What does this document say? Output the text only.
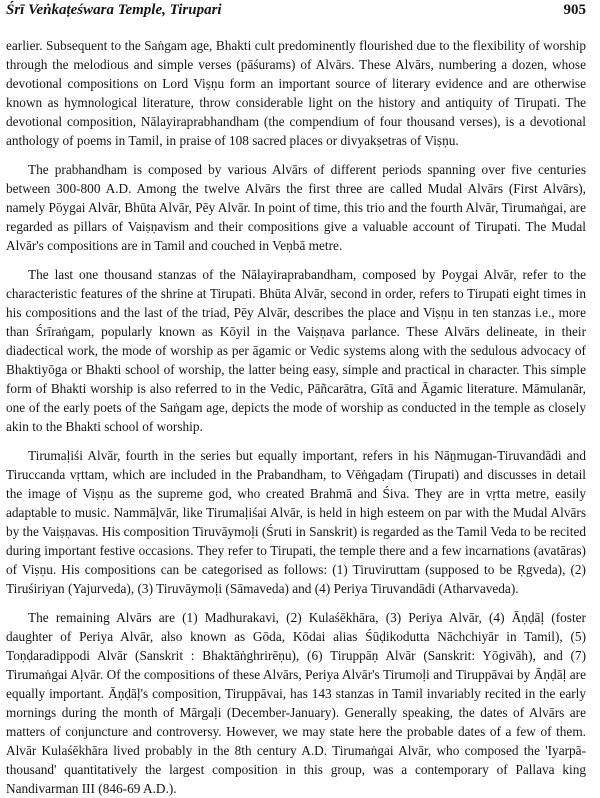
Śrī Veṅkaṭeśwara Temple, Tirupari	905

earlier. Subsequent to the Saṅgam age, Bhakti cult predominently flourished due to the flexibility of worship through the melodious and simple verses (pāśurams) of Alvārs. These Alvārs, numbering a dozen, whose devotional compositions on Lord Viṣṇu form an important source of literary evidence and are otherwise known as hymnological literature, throw considerable light on the history and antiquity of Tirupati. The devotional composition, Nālayiraprabhandham (the compendium of four thousand verses), is a devotional anthology of poems in Tamil, in praise of 108 sacred places or divyakṣetras of Viṣṇu.

The prabhandham is composed by various Alvārs of different periods spanning over five centuries between 300-800 A.D. Among the twelve Alvārs the first three are called Mudal Alvārs (First Alvārs), namely Pōygai Alvār, Bhūta Alvār, Pēy Alvār. In point of time, this trio and the fourth Alvār, Tirumaṅgai, are regarded as pillars of Vaiṣṇavism and their compositions give a valuable account of Tirupati. The Mudal Alvār's compositions are in Tamil and couched in Veṇbā metre.

The last one thousand stanzas of the Nālayiraprabandham, composed by Poygai Alvār, refer to the characteristic features of the shrine at Tirupati. Bhūta Alvār, second in order, refers to Tirupati eight times in his compositions and the last of the triad, Pēy Alvār, describes the place and Viṣṇu in ten stanzas i.e., more than Śrīraṅgam, popularly known as Kōyil in the Vaiṣṇava parlance. These Alvārs delineate, in their diadectical work, the mode of worship as per āgamic or Vedic systems along with the sedulous advocacy of Bhaktiyōga or Bhakti school of worship, the latter being easy, simple and practical in character. This simple form of Bhakti worship is also referred to in the Vedic, Pāñcarātra, Gītā and Āgamic literature. Māmulanār, one of the early poets of the Saṅgam age, depicts the mode of worship as conducted in the temple as closely akin to the Bhakti school of worship.

Tirumaḷiśi Alvār, fourth in the series but equally important, refers in his Nāṉmugan-Tiruvandādi and Tiruccanda vṛttam, which are included in the Prabandham, to Vēṅgaḍam (Tirupati) and discusses in detail the image of Viṣṇu as the supreme god, who created Brahmā and Śiva. They are in vṛtta metre, easily adaptable to music. Nammāḷvār, like Tirumaḷiśai Alvār, is held in high esteem on par with the Mudal Alvārs by the Vaiṣṇavas. His composition Tiruvāymoḷi (Śruti in Sanskrit) is regarded as the Tamil Veda to be recited during important festive occasions. They refer to Tirupati, the temple there and a few incarnations (avatāras) of Viṣṇu. His compositions can be categorised as follows: (1) Tiruviruttam (supposed to be Ṛgveda), (2) Tiruśiriyan (Yajurveda), (3) Tiruvāymoḷi (Sāmaveda) and (4) Periya Tiruvandādi (Atharvaveda).

The remaining Alvārs are (1) Madhurakavi, (2) Kulaśēkhāra, (3) Periya Alvār, (4) Āṇḍāḷ (foster daughter of Periya Alvār, also known as Gōda, Kōdai alias Śūḍikodutta Nāchchiyār in Tamil), (5) Toṇḍaradippodi Alvār (Sanskrit : Bhaktāṅghrirēṇu), (6) Tiruppāṇ Alvār (Sanskrit: Yōgivāh), and (7) Tirumaṅgai Aḷvār. Of the compositions of these Alvārs, Periya Alvār's Tirumoḷi and Tiruppāvai by Āṇḍāḷ are equally important. Āṇḍāḷ's composition, Tiruppāvai, has 143 stanzas in Tamil invariably recited in the early mornings during the month of Mārgaḷi (December-January). Generally speaking, the dates of Alvārs are matters of conjuncture and controversy. However, we may state here the probable dates of a few of them. Alvār Kulaśēkhāra lived probably in the 8th century A.D. Tirumaṅgai Alvār, who composed the 'Iyarpā-thousand' quantitatively the largest composition in this group, was a contemporary of Pallava king Nandivarman III (846-69 A.D.).
